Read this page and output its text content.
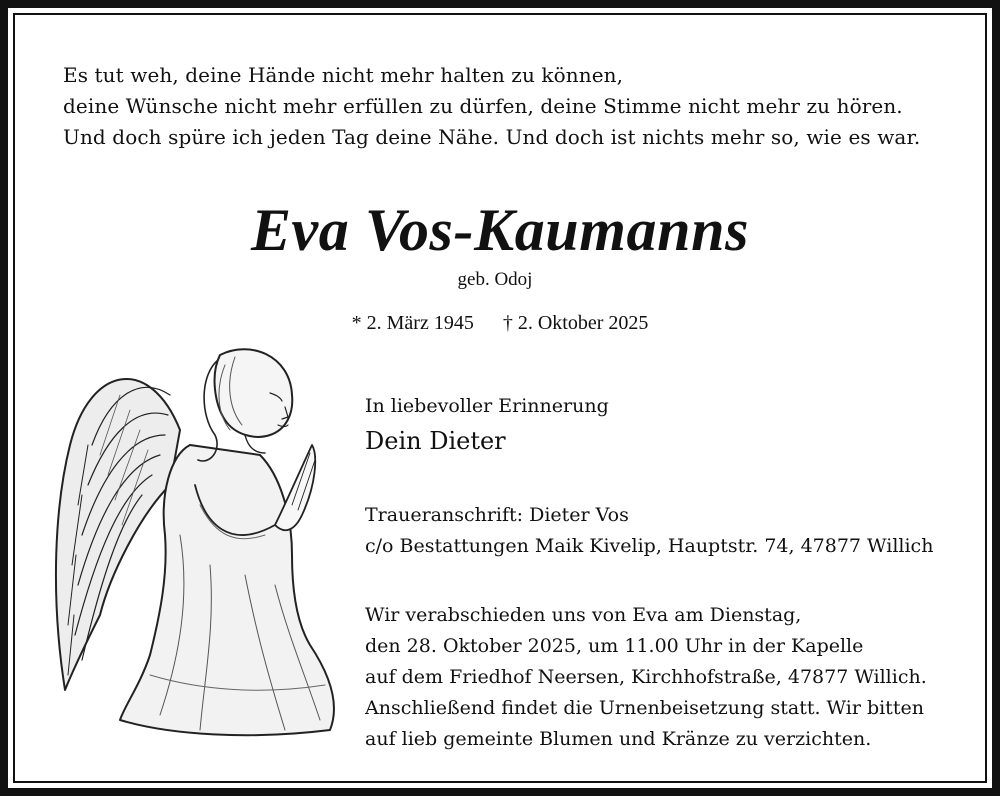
Es tut weh, deine Hände nicht mehr halten zu können,
deine Wünsche nicht mehr erfüllen zu dürfen, deine Stimme nicht mehr zu hören.
Und doch spüre ich jeden Tag deine Nähe. Und doch ist nichts mehr so, wie es war.
Eva Vos-Kaumanns
geb. Odoj
* 2. März 1945 † 2. Oktober 2025
In liebevoller Erinnerung
Dein Dieter
Traueranschrift: Dieter Vos
c/o Bestattungen Maik Kivelip, Hauptstr. 74, 47877 Willich
Wir verabschieden uns von Eva am Dienstag,
den 28. Oktober 2025, um 11.00 Uhr in der Kapelle
auf dem Friedhof Neersen, Kirchhofstraße, 47877 Willich.
Anschließend findet die Urnenbeisetzung statt. Wir bitten
auf lieb gemeinte Blumen und Kränze zu verzichten.
